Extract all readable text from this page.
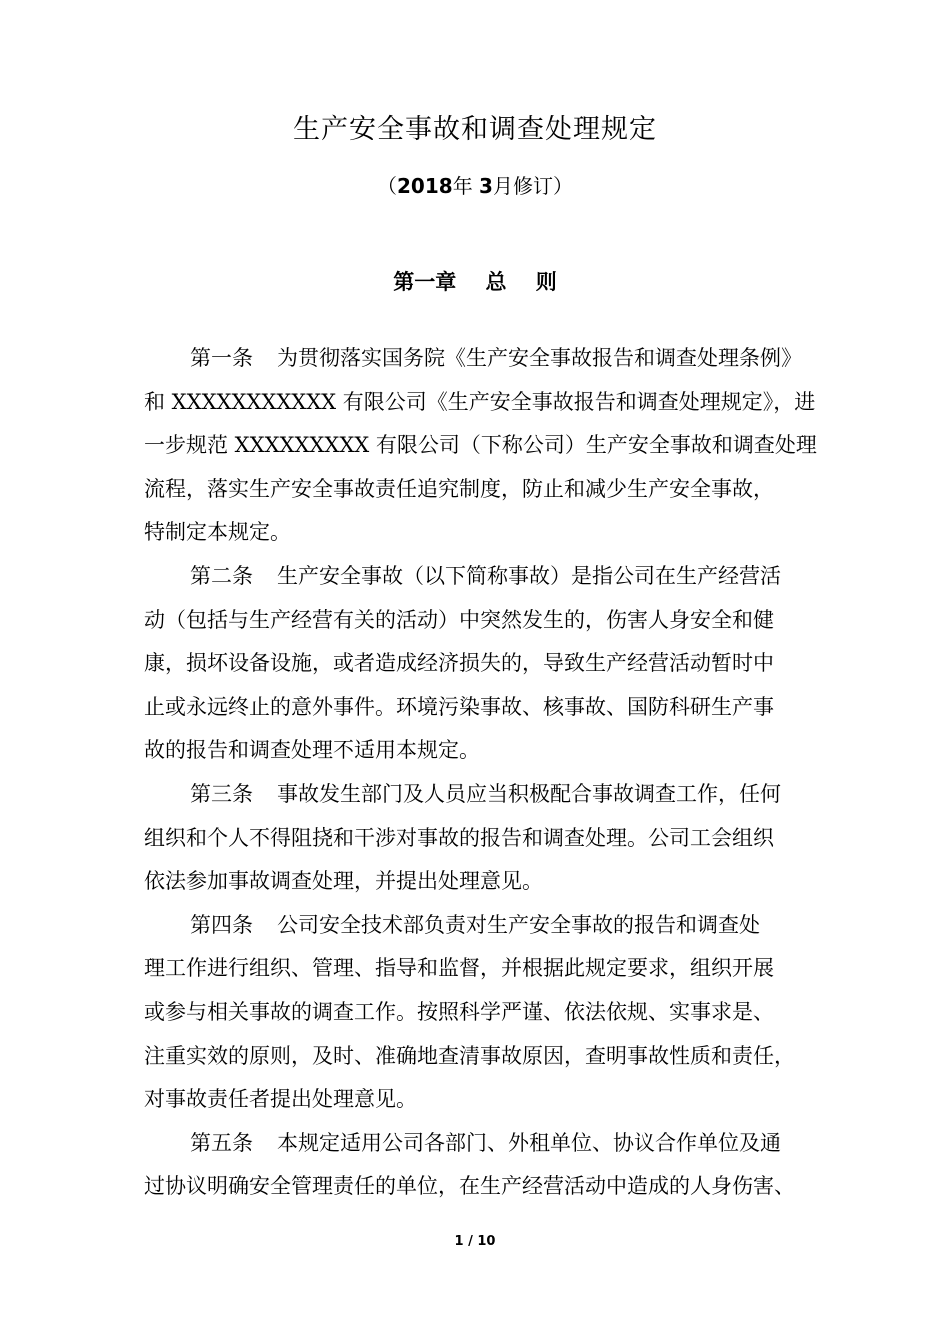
生产安全事故和调查处理规定
（2018年 3月修订）
第一章    总    则
第一条 为贯彻落实国务院《生产安全事故报告和调查处理条例》
和 XXXXXXXXXXX 有限公司《生产安全事故报告和调查处理规定》，进
一步规范 XXXXXXXXX 有限公司（下称公司）生产安全事故和调查处理
流程，落实生产安全事故责任追究制度，防止和减少生产安全事故，
特制定本规定。
第二条 生产安全事故（以下简称事故）是指公司在生产经营活
动（包括与生产经营有关的活动）中突然发生的，伤害人身安全和健
康，损坏设备设施，或者造成经济损失的，导致生产经营活动暂时中
止或永远终止的意外事件。环境污染事故、核事故、国防科研生产事
故的报告和调查处理不适用本规定。
第三条 事故发生部门及人员应当积极配合事故调查工作，任何
组织和个人不得阻挠和干涉对事故的报告和调查处理。公司工会组织
依法参加事故调查处理，并提出处理意见。
第四条 公司安全技术部负责对生产安全事故的报告和调查处
理工作进行组织、管理、指导和监督，并根据此规定要求，组织开展
或参与相关事故的调查工作。按照科学严谨、依法依规、实事求是、
注重实效的原则，及时、准确地查清事故原因，查明事故性质和责任，
对事故责任者提出处理意见。
第五条 本规定适用公司各部门、外租单位、协议合作单位及通
过协议明确安全管理责任的单位，在生产经营活动中造成的人身伤害、
1 / 10
